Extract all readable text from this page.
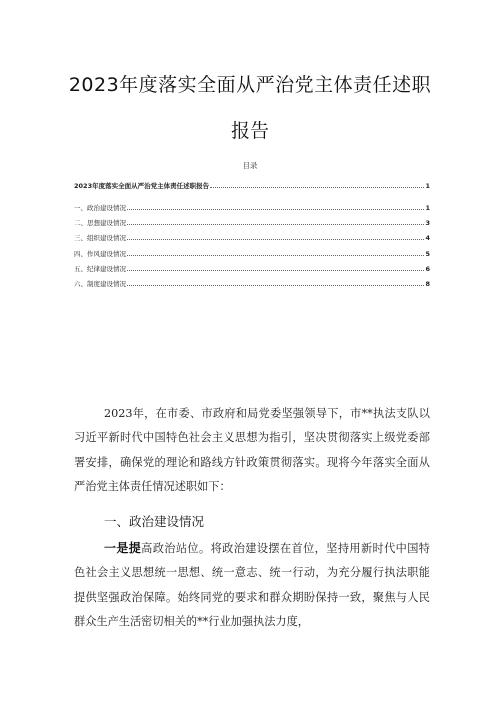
2023年度落实全面从严治党主体责任述职
报告
目录
2023年度落实全面从严治党主体责任述职报告	1
一、政治建设情况	1
二、思想建设情况	3
三、组织建设情况	4
四、作风建设情况	5
五、纪律建设情况	6
六、制度建设情况	8
2023年，在市委、市政府和局党委坚强领导下，市**执法支队以习近平新时代中国特色社会主义思想为指引，坚决贯彻落实上级党委部署安排，确保党的理论和路线方针政策贯彻落实。现将今年落实全面从严治党主体责任情况述职如下：
一、政治建设情况
一是提高政治站位。将政治建设摆在首位，坚持用新时代中国特色社会主义思想统一思想、统一意志、统一行动，为充分履行执法职能提供坚强政治保障。始终同党的要求和群众期盼保持一致，聚焦与人民群众生产生活密切相关的**行业加强执法力度，
